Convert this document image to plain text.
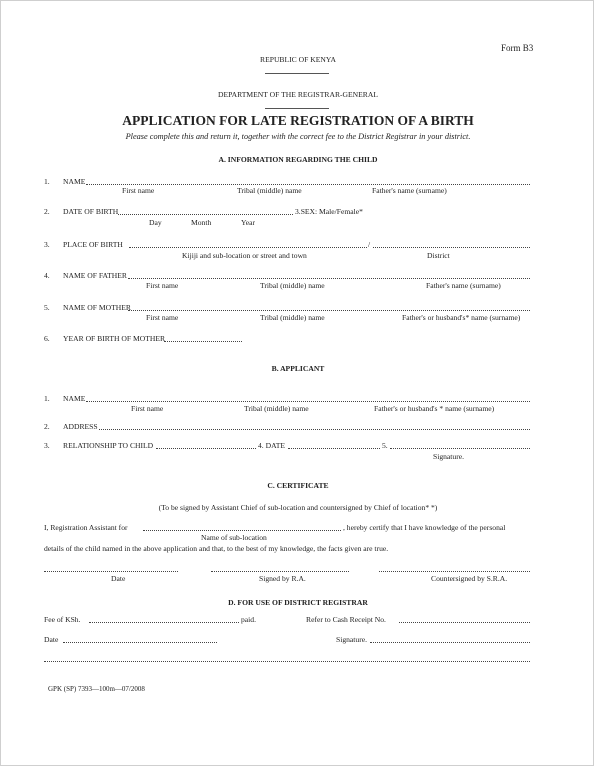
Form B3
REPUBLIC OF KENYA
DEPARTMENT OF THE REGISTRAR-GENERAL
APPLICATION FOR LATE REGISTRATION OF A BIRTH
Please complete this and return it, together with the correct fee to the District Registrar in your district.
A. INFORMATION REGARDING THE CHILD
1. NAME
First name	Tribal (middle) name	Father's name (surname)
2. DATE OF BIRTH	3.SEX: Male/Female*
Day	Month	Year
3. PLACE OF BIRTH	/
Kijiji and sub-location or street and town	District
4. NAME OF FATHER
First name	Tribal (middle) name	Father's name (surname)
5. NAME OF MOTHER
First name	Tribal (middle) name	Father's or husband's* name (surname)
6. YEAR OF BIRTH OF MOTHER
B. APPLICANT
1. NAME
First name	Tribal (middle) name	Father's or husband's * name (surname)
2. ADDRESS
3. RELATIONSHIP TO CHILD	4. DATE	5.
Signature.
C. CERTIFICATE
(To be signed by Assistant Chief of sub-location and countersigned by Chief of location* *)
I, Registration Assistant for	, hereby certify that I have knowledge of the personal
Name of sub-location
details of the child named in the above application and that, to the best of my knowledge, the facts given are true.
Date	Signed by R.A.	Countersigned by S.R.A.
D. FOR USE OF DISTRICT REGISTRAR
Fee of KSh.	paid.	Refer to Cash Receipt No.
Date	Signature.
GPK (SP) 7393—100m—07/2008
